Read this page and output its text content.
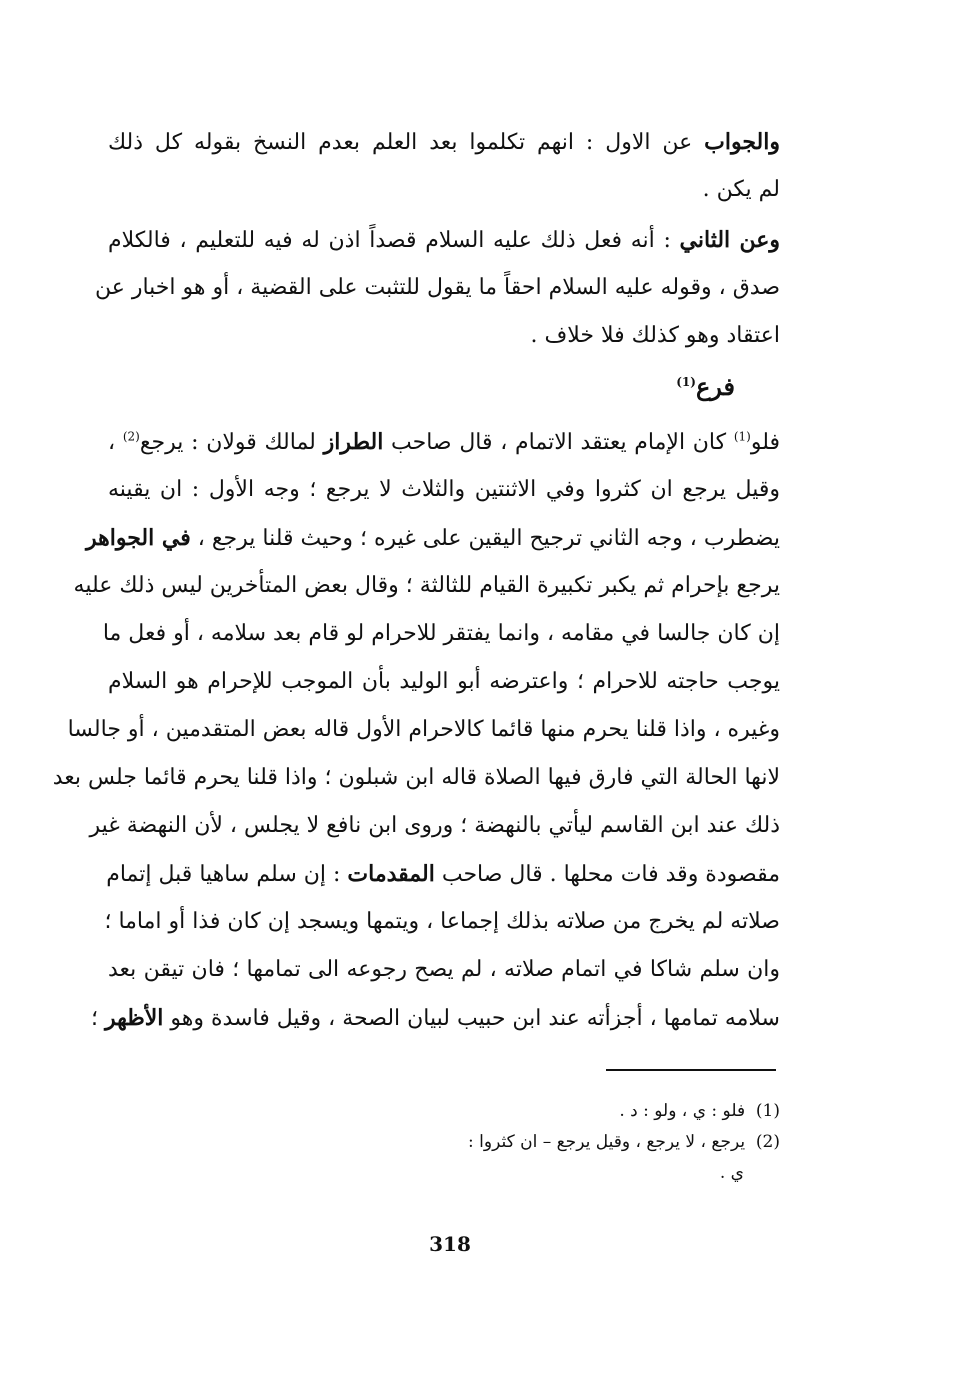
والجواب عن الاول : انهم تكلموا بعد العلم بعدم النسخ بقوله كل ذلك
لم يكن .
وعن الثاني : أنه فعل ذلك عليه السلام قصداً اذن له فيه للتعليم ، فالكلام
صدق ، وقوله عليه السلام احقاً ما يقول للتثبت على القضية ، أو هو اخبار عن
اعتقاد وهو كذلك فلا خلاف .
فرع$^{(1)}$
فلو$^{(1)}$ كان الإمام يعتقد الاتمام ، قال صاحب الطراز لمالك قولان : يرجع$^{(2)}$ ،
وقيل يرجع ان كثروا وفي الاثنتين والثلاث لا يرجع ؛ وجه الأول : ان يقينه
يضطرب ، وجه الثاني ترجيح اليقين على غيره ؛ وحيث قلنا يرجع ، في الجواهر
يرجع بإحرام ثم يكبر تكبيرة القيام للثالثة ؛ وقال بعض المتأخرين ليس ذلك عليه
إن كان جالسا في مقامه ، وانما يفتقر للاحرام لو قام بعد سلامه ، أو فعل ما
يوجب حاجته للاحرام ؛ واعترضه أبو الوليد بأن الموجب للإحرام هو السلام
وغيره ، واذا قلنا يحرم منها قائما كالاحرام الأول قاله بعض المتقدمين ، أو جالسا
لانها الحالة التي فارق فيها الصلاة قاله ابن شبلون ؛ واذا قلنا يحرم قائما جلس بعد
ذلك عند ابن القاسم ليأتي بالنهضة ؛ وروى ابن نافع لا يجلس ، لأن النهضة غير
مقصودة وقد فات محلها . قال صاحب المقدمات : إن سلم ساهيا قبل إتمام
صلاته لم يخرج من صلاته بذلك إجماعا ، ويتمها ويسجد إن كان فذا أو اماما ؛
وان سلم شاكا في اتمام صلاته ، لم يصح رجوعه الى تمامها ؛ فان تيقن بعد
سلامه تمامها ، أجزأته عند ابن حبيب لبيان الصحة ، وقيل فاسدة وهو الأظهر ؛
(1)  فلو : ي ، ولو : د .
(2)  يرجع ، لا يرجع ، وقيل يرجع – ان كثروا :
ي .
318
